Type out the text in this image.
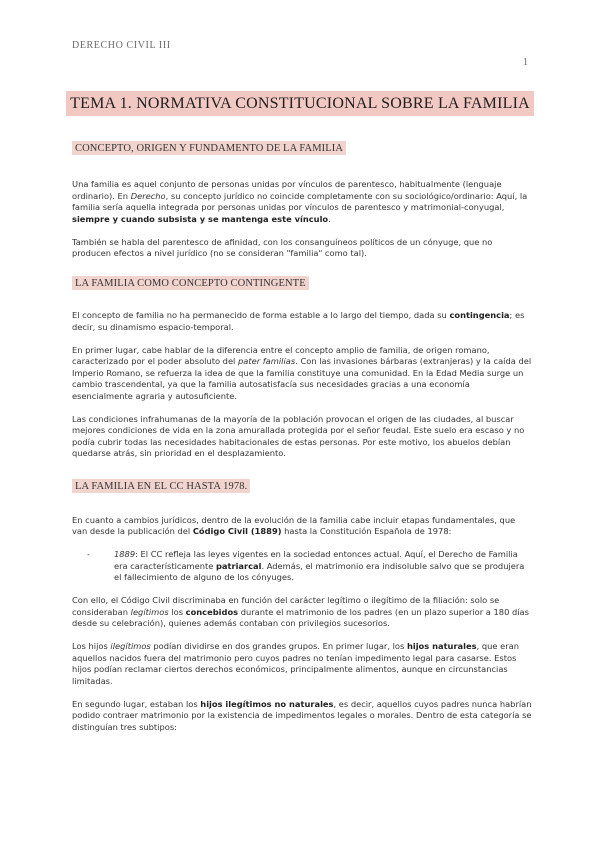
DERECHO CIVIL III
1
TEMA 1. NORMATIVA CONSTITUCIONAL SOBRE LA FAMILIA
CONCEPTO, ORIGEN Y FUNDAMENTO DE LA FAMILIA

Una familia es aquel conjunto de personas unidas por vínculos de parentesco, habitualmente (lenguaje ordinario). En Derecho, su concepto jurídico no coincide completamente con su sociológico/ordinario: Aquí, la familia sería aquella integrada por personas unidas por vínculos de parentesco y matrimonial-conyugal, siempre y cuando subsista y se mantenga este vínculo.

También se habla del parentesco de afinidad, con los consanguíneos políticos de un cónyuge, que no producen efectos a nivel jurídico (no se consideran "familia" como tal).

LA FAMILIA COMO CONCEPTO CONTINGENTE

El concepto de familia no ha permanecido de forma estable a lo largo del tiempo, dada su contingencia; es decir, su dinamismo espacio-temporal.

En primer lugar, cabe hablar de la diferencia entre el concepto amplio de familia, de origen romano, caracterizado por el poder absoluto del pater familias. Con las invasiones bárbaras (extranjeras) y la caída del Imperio Romano, se refuerza la idea de que la familia constituye una comunidad. En la Edad Media surge un cambio trascendental, ya que la familia autosatisfacía sus necesidades gracias a una economía esencialmente agraria y autosuficiente.

Las condiciones infrahumanas de la mayoría de la población provocan el origen de las ciudades, al buscar mejores condiciones de vida en la zona amurallada protegida por el señor feudal. Este suelo era escaso y no podía cubrir todas las necesidades habitacionales de estas personas. Por este motivo, los abuelos debían quedarse atrás, sin prioridad en el desplazamiento.

LA FAMILIA EN EL CC HASTA 1978.

En cuanto a cambios jurídicos, dentro de la evolución de la familia cabe incluir etapas fundamentales, que van desde la publicación del Código Civil (1889) hasta la Constitución Española de 1978:

-	1889: El CC refleja las leyes vigentes en la sociedad entonces actual. Aquí, el Derecho de Familia era característicamente patriarcal. Además, el matrimonio era indisoluble salvo que se produjera el fallecimiento de alguno de los cónyuges.

Con ello, el Código Civil discriminaba en función del carácter legítimo o ilegítimo de la filiación: solo se consideraban legítimos los concebidos durante el matrimonio de los padres (en un plazo superior a 180 días desde su celebración), quienes además contaban con privilegios sucesorios.

Los hijos ilegítimos podían dividirse en dos grandes grupos. En primer lugar, los hijos naturales, que eran aquellos nacidos fuera del matrimonio pero cuyos padres no tenían impedimento legal para casarse. Estos hijos podían reclamar ciertos derechos económicos, principalmente alimentos, aunque en circunstancias limitadas.

En segundo lugar, estaban los hijos ilegítimos no naturales, es decir, aquellos cuyos padres nunca habrían podido contraer matrimonio por la existencia de impedimentos legales o morales. Dentro de esta categoría se distinguían tres subtipos:
